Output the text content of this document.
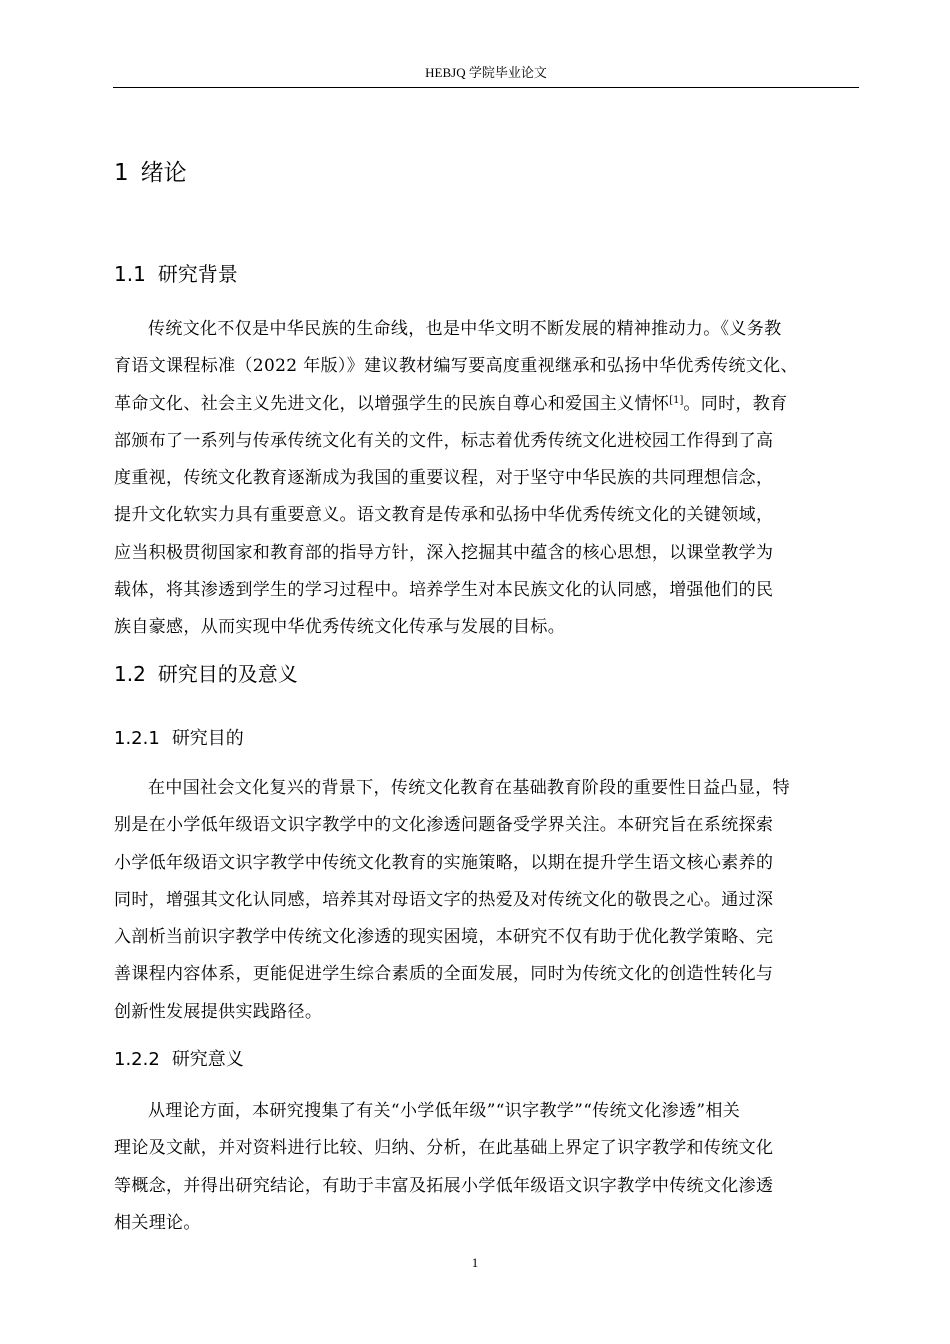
HEBJQ 学院毕业论文
1 绪论
1.1 研究背景
传统文化不仅是中华民族的生命线，也是中华文明不断发展的精神推动力。《义务教
育语文课程标准（2022 年版）》建议教材编写要高度重视继承和弘扬中华优秀传统文化、
革命文化、社会主义先进文化，以增强学生的民族自尊心和爱国主义情怀[1]。同时，教育
部颁布了一系列与传承传统文化有关的文件，标志着优秀传统文化进校园工作得到了高
度重视，传统文化教育逐渐成为我国的重要议程，对于坚守中华民族的共同理想信念，
提升文化软实力具有重要意义。语文教育是传承和弘扬中华优秀传统文化的关键领域，
应当积极贯彻国家和教育部的指导方针，深入挖掘其中蕴含的核心思想，以课堂教学为
载体，将其渗透到学生的学习过程中。培养学生对本民族文化的认同感，增强他们的民
族自豪感，从而实现中华优秀传统文化传承与发展的目标。
1.2 研究目的及意义
1.2.1 研究目的
在中国社会文化复兴的背景下，传统文化教育在基础教育阶段的重要性日益凸显，特
别是在小学低年级语文识字教学中的文化渗透问题备受学界关注。本研究旨在系统探索
小学低年级语文识字教学中传统文化教育的实施策略，以期在提升学生语文核心素养的
同时，增强其文化认同感，培养其对母语文字的热爱及对传统文化的敬畏之心。通过深
入剖析当前识字教学中传统文化渗透的现实困境，本研究不仅有助于优化教学策略、完
善课程内容体系，更能促进学生综合素质的全面发展，同时为传统文化的创造性转化与
创新性发展提供实践路径。
1.2.2 研究意义
从理论方面，本研究搜集了有关“小学低年级”“识字教学”“传统文化渗透”相关
理论及文献，并对资料进行比较、归纳、分析，在此基础上界定了识字教学和传统文化
等概念，并得出研究结论，有助于丰富及拓展小学低年级语文识字教学中传统文化渗透
相关理论。
1
